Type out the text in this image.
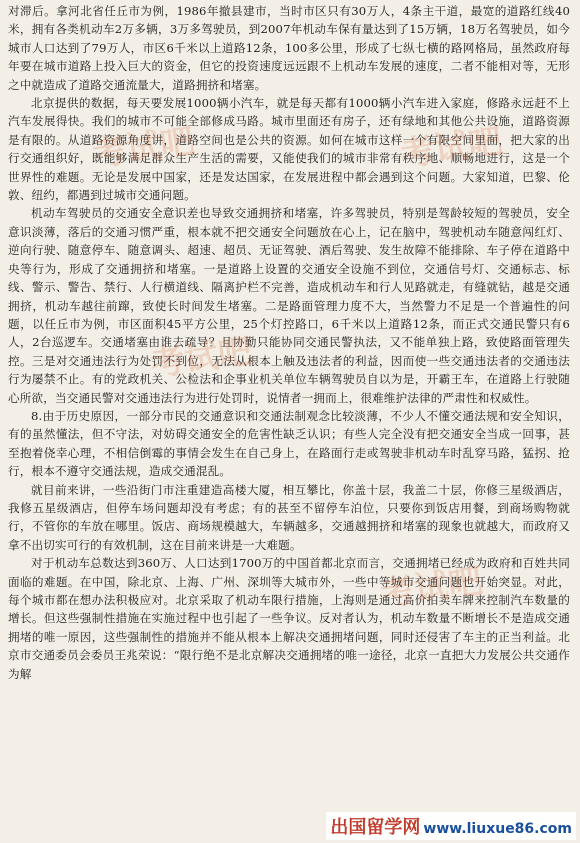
对滞后。拿河北省任丘市为例，1986年撤县建市，当时市区只有30万人，4条主干道，最宽的道路红线40米，拥有各类机动车2万多辆，3万多驾驶员，到2007年机动车保有量达到了15万辆，18万名驾驶员，如今城市人口达到了79万人，市区6千米以上道路12条，100多公里，形成了七纵七横的路网格局，虽然政府每年要在城市道路上投入巨大的资金，但它的投资速度远远跟不上机动车发展的速度，二者不能相对等，无形之中就造成了道路交通流量大，道路拥挤和堵塞。

北京提供的数据，每天要发展1000辆小汽车，就是每天都有1000辆小汽车进入家庭，修路永远赶不上汽车发展得快。我们的城市不可能全部修成马路。城市里面还有房子，还有绿地和其他公共设施，道路资源是有限的。从道路资源角度讲，道路空间也是公共的资源。如何在城市这样一个有限空间里面，把大家的出行交通组织好，既能够满足群众生产生活的需要，又能使我们的城市非常有秩序地、顺畅地进行，这是一个世界性的难题。无论是发展中国家，还是发达国家，在发展进程中都会遇到这个问题。大家知道，巴黎、伦敦、纽约，都遇到过城市交通问题。

机动车驾驶员的交通安全意识差也导致交通拥挤和堵塞，许多驾驶员，特别是驾龄较短的驾驶员，安全意识淡薄，落后的交通习惯严重，根本就不把交通安全问题放在心上，记在脑中，驾驶机动车随意闯红灯、逆向行驶、随意停车、随意调头、超速、超员、无证驾驶、酒后驾驶、发生故障不能排除、车子停在道路中央等行为，形成了交通拥挤和堵塞。一是道路上设置的交通安全设施不到位，交通信号灯、交通标志、标线、警示、警告、禁行、人行横道线、隔离护栏不完善，造成机动车和行人见路就走，有缝就钻，越是交通拥挤，机动车越往前蹿，致使长时间发生堵塞。二是路面管理力度不大，当然警力不足是一个普遍性的问题，以任丘市为例，市区面积45平方公里，25个灯控路口，6千米以上道路12条，而正式交通民警只有6人，2台巡逻车。交通堵塞由谁去疏导？且协勤只能协同交通民警执法，又不能单独上路，致使路面管理失控。三是对交通违法行为处罚不到位，无法从根本上触及违法者的利益，因而使一些交通违法者的交通违法行为屡禁不止。有的党政机关、公检法和企事业机关单位车辆驾驶员自以为是，开霸王车，在道路上行驶随心所欲，当交通民警对交通违法行为进行处罚时，说情者一拥而上，很难维护法律的严肃性和权威性。

8.由于历史原因，一部分市民的交通意识和交通法制观念比较淡薄，不少人不懂交通法规和安全知识，有的虽然懂法，但不守法，对妨碍交通安全的危害性缺乏认识；有些人完全没有把交通安全当成一回事，甚至抱着侥幸心理，不相信倒霉的事情会发生在自己身上，在路面行走或驾驶非机动车时乱穿马路，猛拐、抢行，根本不遵守交通法规，造成交通混乱。

就目前来讲，一些沿街门市注重建造高楼大厦，相互攀比，你盖十层，我盖二十层，你修三星级酒店，我修五星级酒店，但停车场问题却没有考虑；有的甚至不留停车泊位，只要你到饭店用餐，到商场购物就行，不管你的车放在哪里。饭店、商场规模越大，车辆越多，交通越拥挤和堵塞的现象也就越大，而政府又拿不出切实可行的有效机制，这在目前来讲是一大难题。

对于机动车总数达到360万、人口达到1700万的中国首都北京而言，交通拥堵已经成为政府和百姓共同面临的难题。在中国，除北京、上海、广州、深圳等大城市外，一些中等城市交通问题也开始突显。对此，每个城市都在想办法积极应对。北京采取了机动车限行措施，上海则是通过高价拍卖车牌来控制汽车数量的增长。但这些强制性措施在实施过程中也引起了一些争议。反对者认为，机动车数量不断增长不是造成交通拥堵的唯一原因，这些强制性的措施并不能从根本上解决交通拥堵问题，同时还侵害了车主的正当利益。北京市交通委员会委员王兆荣说：“限行绝不是北京解决交通拥堵的唯一途径，北京一直把大力发展公共交通作为解

考试吧
考试吧
考试吧
考试吧
出国留学网 www.liuxue86.com
